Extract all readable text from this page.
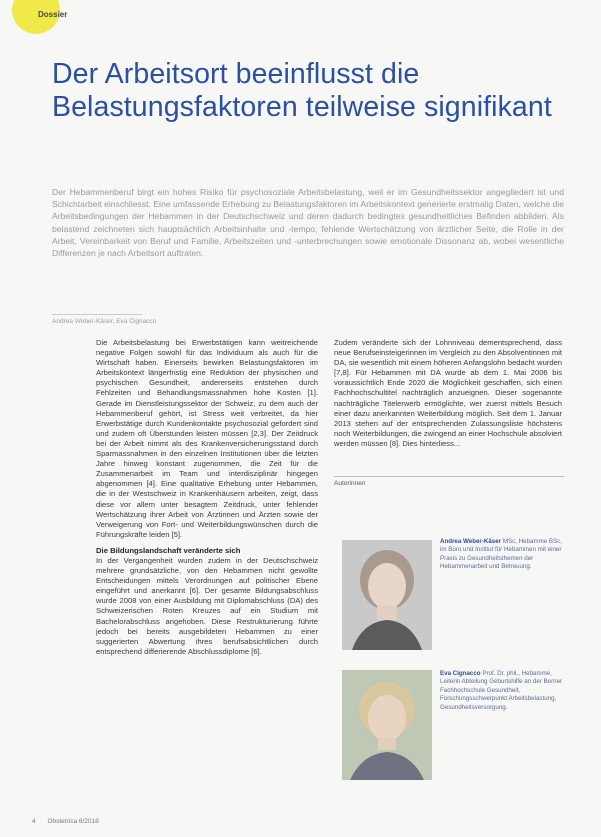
Dossier
Der Arbeitsort beeinflusst die Belastungsfaktoren teilweise signifikant

Der Hebammenberuf birgt ein hohes Risiko für psychosoziale Arbeitsbelastung, weil er im Gesundheitssektor angegliedert ist und Schichtarbeit einschliesst. Eine umfassende Erhebung zu Belastungsfaktoren im Arbeitskontext generierte erstmalig Daten, welche die Arbeitsbedingungen der Hebammen in der Deutschschweiz und deren dadurch bedingtes gesundheitliches Befinden abbilden. Als belastend zeichneten sich hauptsächlich Arbeitsinhalte und -tempo, fehlende Wertschätzung von ärztlicher Seite, die Rolle in der Arbeit, Vereinbarkeit von Beruf und Familie, Arbeitszeiten und -unterbrechungen sowie emotionale Dissonanz ab, wobei wesentliche Differenzen je nach Arbeitsort auftraten.

Andrea Weber-Käser, Eva Cignacco

Die Arbeitsbelastung bei Erwerbstätigen kann weitreichende negative Folgen sowohl für das Individuum als auch für die Wirtschaft haben. Einerseits bewirken Belastungsfaktoren im Arbeitskontext längerfristig eine Reduktion der physischen und psychischen Gesundheit, andererseits entstehen durch Fehlzeiten und Behandlungsmassnahmen hohe Kosten [1]. Gerade im Dienstleistungssektor der Schweiz, zu dem auch der Hebammenberuf gehört, ist Stress weit verbreitet, da hier Erwerbstätige durch Kundenkontakte psychosozial gefordert sind und zudem oft Überstunden leisten müssen [2,3]. Der Zeitdruck bei der Arbeit nimmt als des Krankenversicherungsstand durch Sparmassnahmen in den einzelnen Institutionen über die letzten Jahre hinweg konstant zugenommen, die Zeit für die Zusammenarbeit im Team und interdisziplinär hingegen abgenommen [4]. Eine qualitative Erhebung unter Hebammen, die in der Westschweiz in Krankenhäusern arbeiten, zeigt, dass diese vor allem unter besagtem Zeitdruck, unter fehlender Wertschätzung ihrer Arbeit von Ärztinnen und Ärzten sowie der Verweigerung von Fort- und Weiterbildungswünschen durch die Führungskräfte leiden [5].

Die Bildungslandschaft veränderte sich

In der Vergangenheit wurden zudem in der Deutschschweiz mehrere grundsätzliche, von den Hebammen nicht gewollte Entscheidungen mittels Verordnungen auf politischer Ebene eingeführt und anerkannt [6]. Der gesamte Bildungsabschluss wurde 2008 von einer Ausbildung mit Diplomabschluss (DA) des Schweizerischen Roten Kreuzes auf ein Studium mit Bachelorabschluss angehoben. Diese Restrukturierung führte jedoch bei bereits ausgebildeten Hebammen zu einer suggerierten Abwertung ihres berufsabsichtlichen durch entsprechend differierende Abschlussdiplome [6].

Zudem veränderte sich der Lohnniveau dementsprechend, dass neue Berufseinsteigerinnen im Vergleich zu den Absolventinnen mit DA, sie wesentlich mit einem höheren Anfangslohn bedacht wurden [7,8]. Für Hebammen mit DA wurde ab dem 1. Mai 2006 bis voraussichtlich Ende 2020 die Möglichkeit geschaffen, sich einen Fachhochschultitel nachträglich anzueignen. Dieser sogenannte nachträgliche Titelerwerb ermöglichte, wer zuerst mittels Besuch einer dazu anerkannten Weiterbildung möglich. Seit dem 1. Januar 2013 stehen auf der entsprechenden Zulassungsliste höchstens noch Weiterbildungen, die zwingend an einer Hochschule absolviert werden müssen [8]. Dies hinterliess...

Autorinnen
Andrea Weber-Käser MSc, Hebamme BSc, im Büro und Institut für Hebammen mit einer Praxis zu Gesundheitsthemen der Hebammenarbeit und Betreuung.
Eva Cignacco Prof. Dr. phil., Hebamme, Leiterin Abteilung Geburtshilfe an der Berner Fachhochschule Gesundheit, Forschungsschwerpunkt Arbeitsbelastung, Gesundheitsversorgung.
4 Obstetrica 6/2018
